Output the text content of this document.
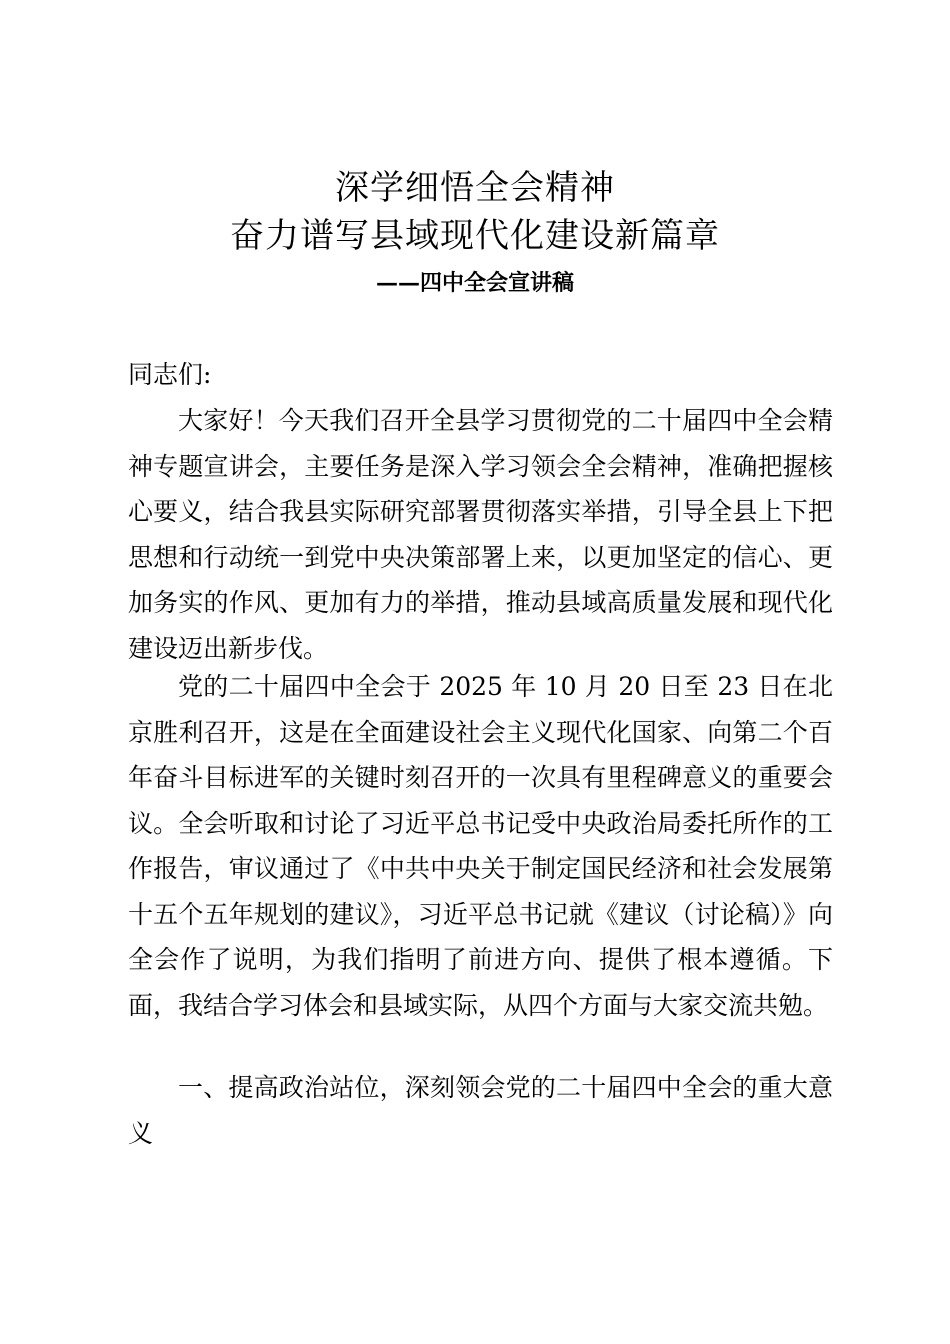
深学细悟全会精神
奋力谱写县域现代化建设新篇章
——四中全会宣讲稿
同志们:

大家好！今天我们召开全县学习贯彻党的二十届四中全会精神专题宣讲会，主要任务是深入学习领会全会精神，准确把握核心要义，结合我县实际研究部署贯彻落实举措，引导全县上下把思想和行动统一到党中央决策部署上来，以更加坚定的信心、更加务实的作风、更加有力的举措，推动县域高质量发展和现代化建设迈出新步伐。

党的二十届四中全会于 2025 年 10 月 20 日至 23 日在北京胜利召开，这是在全面建设社会主义现代化国家、向第二个百年奋斗目标进军的关键时刻召开的一次具有里程碑意义的重要会议。全会听取和讨论了习近平总书记受中央政治局委托所作的工作报告，审议通过了《中共中央关于制定国民经济和社会发展第十五个五年规划的建议》，习近平总书记就《建议（讨论稿）》向全会作了说明，为我们指明了前进方向、提供了根本遵循。下面，我结合学习体会和县域实际，从四个方面与大家交流共勉。

一、提高政治站位，深刻领会党的二十届四中全会的重大意义
